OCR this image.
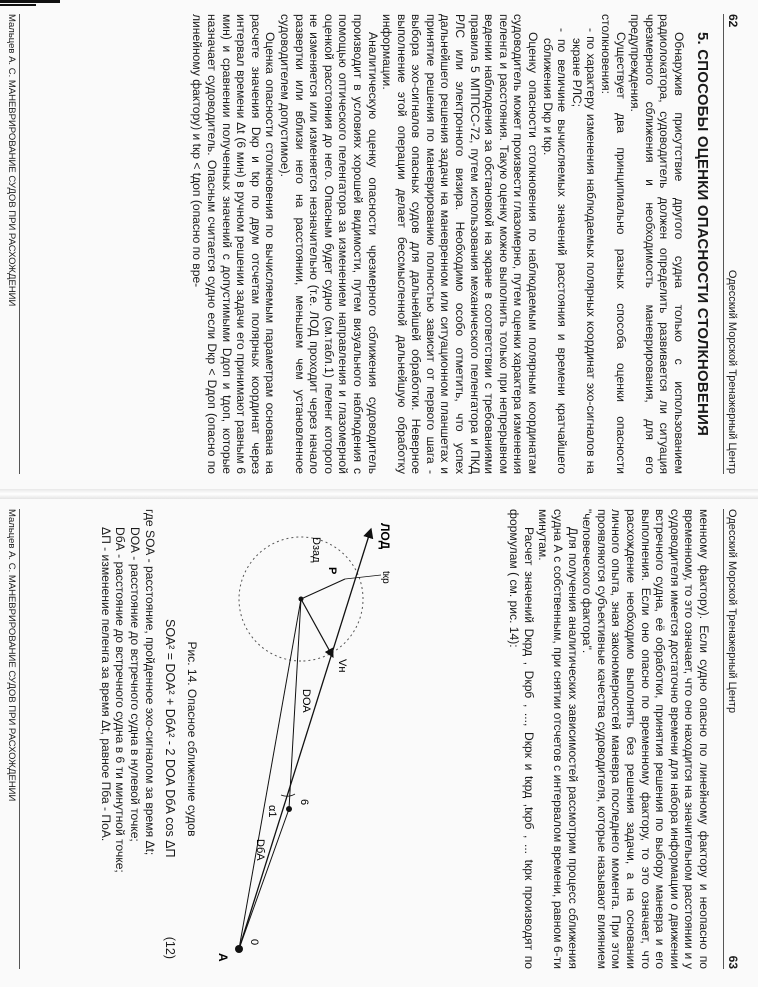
62
Одесский Морской Тренажерный Центр
5. СПОСОБЫ ОЦЕНКИ ОПАСНОСТИ СТОЛКНОВЕНИЯ

Обнаружив присутствие другого судна только с использованием радиолокатора, судоводитель должен определить развивается ли ситуация чрезмерного сближения и необходимость маневрирования, для его предупреждения.

Существует два принципиально разных способа оценки опасности столкновения:

- по характеру изменения наблюдаемых полярных координат эхо-сигналов на экране РЛС;
- по величине вычисляемых значений расстояния и времени кратчайшего сближения Dкр и tкр.

Оценку опасности столкновения по наблюдаемым полярным координатам судоводитель может произвести глазомерно, путем оценки характера изменения пеленга и расстояния. Такую оценку можно выполнить только при непрерывном ведении наблюдения за обстановкой на экране в соответствии с требованиями правила 5 МППСС-72, путем использования механического пеленгатора и ПКД РЛС или электронного визира. Необходимо особо отметить, что успех дальнейшего решения задачи на маневренном или ситуационном планшетах и принятие решения по маневрированию полностью зависит от первого шага - выбора эхо-сигналов опасных судов для дальнейшей обработки. Неверное выполнение этой операции делает бессмысленной дальнейшую обработку информации.

Аналитическую оценку опасности чрезмерного сближения судоводитель производит в условиях хорошей видимости, путем визуального наблюдения с помощью оптического пеленгатора за изменением направления и глазомерной оценкой расстояния до него. Опасным будет судно (см.табл.1) пеленг которого не изменяется или изменяется незначительно (т.е. ЛОД проходит через начало развертки или вблизи него на расстоянии, меньшем чем установленное судоводителем допустимое).

Оценка опасности столкновения по вычисляемым параметрам основана на расчете значения Dкр и tкр по двум отсчетам полярных координат через интервал времени Δt (6 мин) в ручном решении задачи его принимают равным 6 мин) и сравнении полученных значений с допустимыми Dдоп и tдоп, которые назначает судоводитель. Опасным считается судно если Dкр < Dдоп (опасно по линейному фактору) и tкр < tдоп (опасно по вре-

Мальцев А. С. МАНЕВРИРОВАНИЕ СУДОВ ПРИ РАСХОЖДЕНИИ
Одесский Морской Тренажерный Центр
63

менному фактору). Если судно опасно по линейному фактору и неопасно по временному, то это означает, что оно находится на значительном расстоянии и у судоводителя имеется достаточно времени для набора информации о движении встречного судна, её обработки, принятия решения по выбору маневра и его выполнения. Если оно опасно по временному фактору, то это означает, что расхождение необходимо выполнять без решения задачи, а на основании личного опыта, зная закономерностей маневра последнего момента. При этом проявляются субъективные качества судоводителя, которые называют влиянием "человеческого фактора".

Для получения аналитических зависимостей рассмотрим процесс сближения судна А с собственным, при снятии отсчетов с интервалом времени, равном 6-ти минутам.

Расчет значений Dкрд , Dкрб , ..., Dкрк и tкрд ,tкрб , ... tкрк производят по формулам ( см. рис. 14):

ЛОД
Dзад
P
tкр
Vн
DОА
DбА
6
α1
0
A
Рис. 14. Опасное сближение судов
SОА² = DОА² + DбА² - 2 DОА DбА cos ΔП
(12)

где SОА - расстояние, пройденное эхо-сигналом за время Δt;

DОА - расстояние до встречного судна в нулевой точке;

DбА - расстояние до встречного судна в 6 ти минутной точке;

ΔП - изменение пеленга за время Δt, равное Пба - ПоА.

Мальцев А. С. МАНЕВРИРОВАНИЕ СУДОВ ПРИ РАСХОЖДЕНИИ
